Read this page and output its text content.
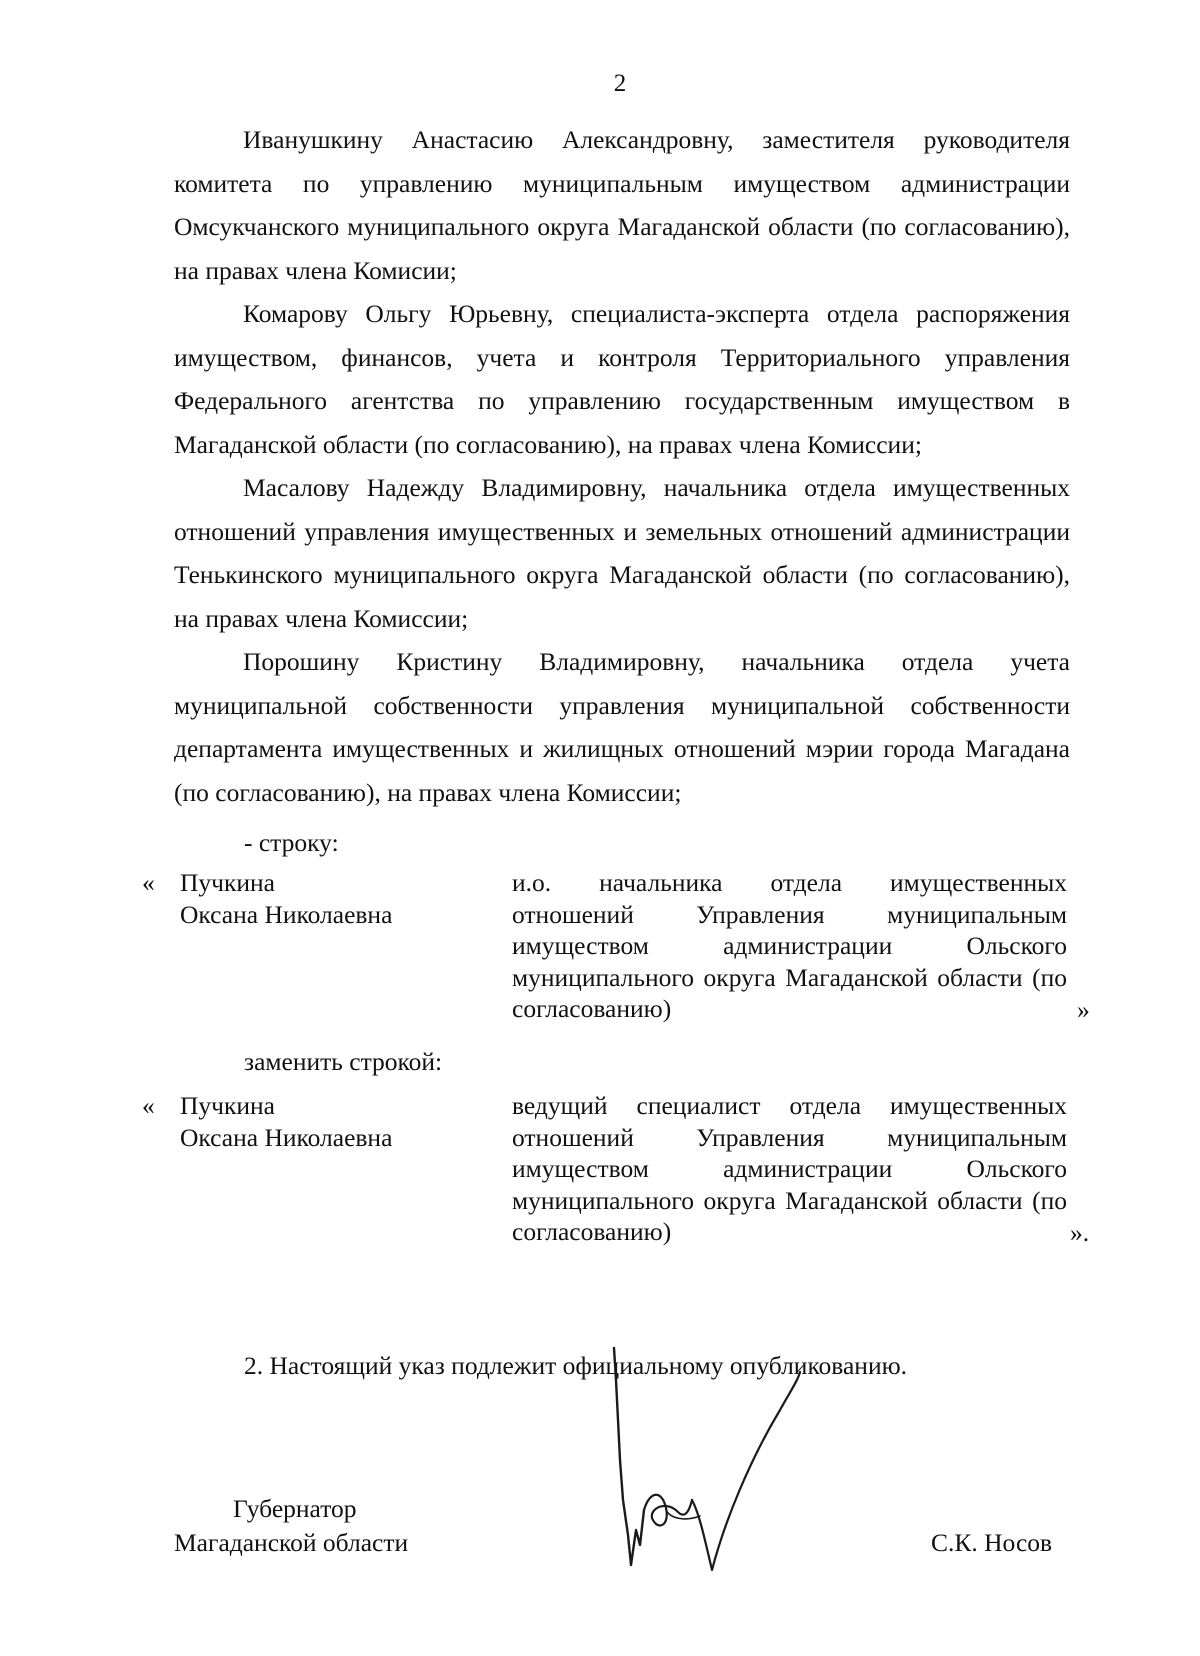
2

Иванушкину Анастасию Александровну, заместителя руководителя комитета по управлению муниципальным имуществом администрации Омсукчанского муниципального округа Магаданской области (по согласованию), на правах члена Комиcии;

Комарову Ольгу Юрьевну, специалиста-эксперта отдела распоряжения имуществом, финансов, учета и контроля Территориального управления Федерального агентства по управлению государственным имуществом в Магаданской области (по согласованию), на правах члена Комиссии;

Масалову Надежду Владимировну, начальника отдела имущественных отношений управления имущественных и земельных отношений администрации Тенькинского муниципального округа Магаданской области (по согласованию), на правах члена Комиссии;

Порошину Кристину Владимировну, начальника отдела учета муниципальной собственности управления муниципальной собственности департамента имущественных и жилищных отношений мэрии города Магадана (по согласованию), на правах члена Комиссии;

- строку:
« Пучкина
Оксана Николаевна
и.о. начальника отдела имущественных отношений Управления муниципальным имуществом администрации Ольского муниципального округа Магаданской области (по согласованию)	»
заменить строкой:
« Пучкина
Оксана Николаевна
ведущий специалист отдела имущественных отношений Управления муниципальным имуществом администрации Ольского муниципального округа Магаданской области (по согласованию)	».
2. Настоящий указ подлежит официальному опубликованию.

Губернатор

Магаданской области	С.К. Носов
